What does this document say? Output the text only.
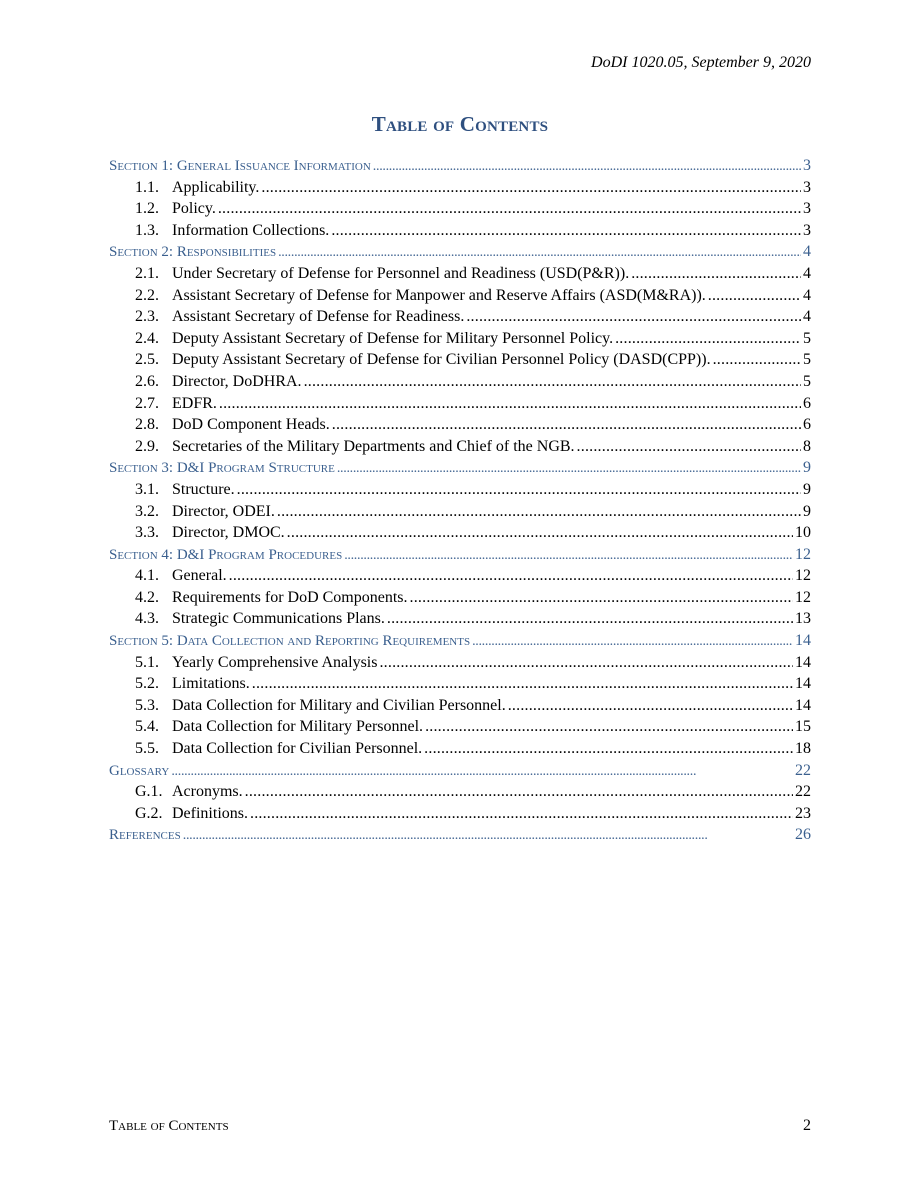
DoDI 1020.05, September 9, 2020
Table of Contents
Section 1: General Issuance Information . . .	3
1.1. Applicability. . . .	3
1.2. Policy. . . .	3
1.3. Information Collections. . . .	3
Section 2: Responsibilities . . .	4
2.1. Under Secretary of Defense for Personnel and Readiness (USD(P&R)). . . .	4
2.2. Assistant Secretary of Defense for Manpower and Reserve Affairs (ASD(M&RA)). . . .	4
2.3. Assistant Secretary of Defense for Readiness. . . .	4
2.4. Deputy Assistant Secretary of Defense for Military Personnel Policy. . . .	5
2.5. Deputy Assistant Secretary of Defense for Civilian Personnel Policy (DASD(CPP)). . . .	5
2.6. Director, DoDHRA. . . .	5
2.7. EDFR. . . .	6
2.8. DoD Component Heads. . . .	6
2.9. Secretaries of the Military Departments and Chief of the NGB. . . .	8
Section 3: D&I Program Structure . . .	9
3.1. Structure. . . .	9
3.2. Director, ODEI. . . .	9
3.3. Director, DMOC. . . .	10
Section 4: D&I Program Procedures . . .	12
4.1. General. . . .	12
4.2. Requirements for DoD Components. . . .	12
4.3. Strategic Communications Plans. . . .	13
Section 5: Data Collection and Reporting Requirements . . .	14
5.1. Yearly Comprehensive Analysis . . .	14
5.2. Limitations. . . .	14
5.3. Data Collection for Military and Civilian Personnel. . . .	14
5.4. Data Collection for Military Personnel. . . .	15
5.5. Data Collection for Civilian Personnel. . . .	18
Glossary . . .	22
G.1. Acronyms. . . .	22
G.2. Definitions. . . .	23
References . . .	26
Table of Contents	2
